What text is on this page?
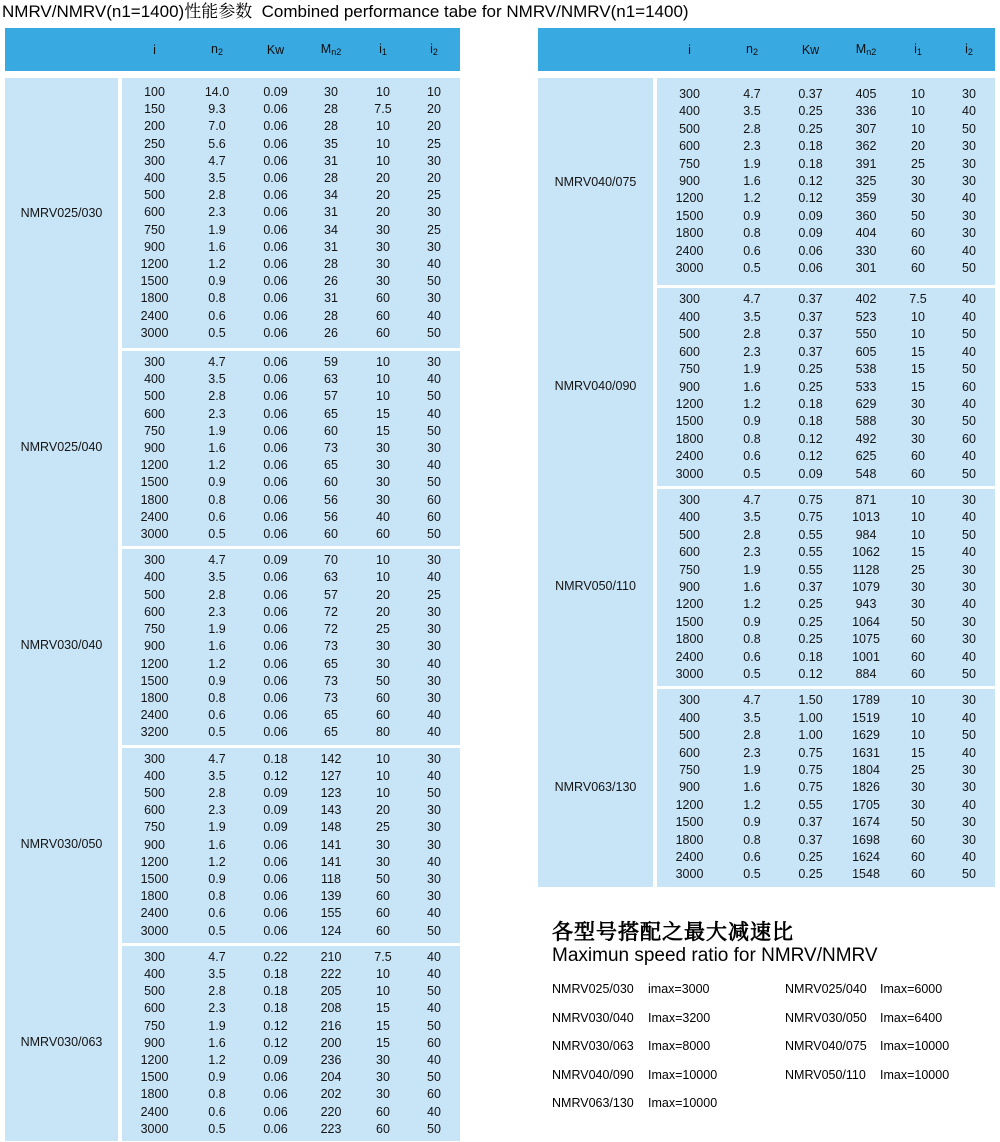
NMRV/NMRV(n1=1400)性能参数  Combined performance tabe for NMRV/NMRV(n1=1400)
i	$n_2$	Kw	$M_{n2}$	$i_1$	$i_2$
NMRV025/030
100	14.0	0.09	30	10	10
150	9.3	0.06	28	7.5	20
200	7.0	0.06	28	10	20
250	5.6	0.06	35	10	25
300	4.7	0.06	31	10	30
400	3.5	0.06	28	20	20
500	2.8	0.06	34	20	25
600	2.3	0.06	31	20	30
750	1.9	0.06	34	30	25
900	1.6	0.06	31	30	30
1200	1.2	0.06	28	30	40
1500	0.9	0.06	26	30	50
1800	0.8	0.06	31	60	30
2400	0.6	0.06	28	60	40
3000	0.5	0.06	26	60	50
NMRV025/040
300	4.7	0.06	59	10	30
400	3.5	0.06	63	10	40
500	2.8	0.06	57	10	50
600	2.3	0.06	65	15	40
750	1.9	0.06	60	15	50
900	1.6	0.06	73	30	30
1200	1.2	0.06	65	30	40
1500	0.9	0.06	60	30	50
1800	0.8	0.06	56	30	60
2400	0.6	0.06	56	40	60
3000	0.5	0.06	60	60	50
NMRV030/040
300	4.7	0.09	70	10	30
400	3.5	0.06	63	10	40
500	2.8	0.06	57	20	25
600	2.3	0.06	72	20	30
750	1.9	0.06	72	25	30
900	1.6	0.06	73	30	30
1200	1.2	0.06	65	30	40
1500	0.9	0.06	73	50	30
1800	0.8	0.06	73	60	30
2400	0.6	0.06	65	60	40
3200	0.5	0.06	65	80	40
NMRV030/050
300	4.7	0.18	142	10	30
400	3.5	0.12	127	10	40
500	2.8	0.09	123	10	50
600	2.3	0.09	143	20	30
750	1.9	0.09	148	25	30
900	1.6	0.06	141	30	30
1200	1.2	0.06	141	30	40
1500	0.9	0.06	118	50	30
1800	0.8	0.06	139	60	30
2400	0.6	0.06	155	60	40
3000	0.5	0.06	124	60	50
NMRV030/063
300	4.7	0.22	210	7.5	40
400	3.5	0.18	222	10	40
500	2.8	0.18	205	10	50
600	2.3	0.18	208	15	40
750	1.9	0.12	216	15	50
900	1.6	0.12	200	15	60
1200	1.2	0.09	236	30	40
1500	0.9	0.06	204	30	50
1800	0.8	0.06	202	30	60
2400	0.6	0.06	220	60	40
3000	0.5	0.06	223	60	50
i	$n_2$	Kw	$M_{n2}$	$i_1$	$i_2$
NMRV040/075
300	4.7	0.37	405	10	30
400	3.5	0.25	336	10	40
500	2.8	0.25	307	10	50
600	2.3	0.18	362	20	30
750	1.9	0.18	391	25	30
900	1.6	0.12	325	30	30
1200	1.2	0.12	359	30	40
1500	0.9	0.09	360	50	30
1800	0.8	0.09	404	60	30
2400	0.6	0.06	330	60	40
3000	0.5	0.06	301	60	50
NMRV040/090
300	4.7	0.37	402	7.5	40
400	3.5	0.37	523	10	40
500	2.8	0.37	550	10	50
600	2.3	0.37	605	15	40
750	1.9	0.25	538	15	50
900	1.6	0.25	533	15	60
1200	1.2	0.18	629	30	40
1500	0.9	0.18	588	30	50
1800	0.8	0.12	492	30	60
2400	0.6	0.12	625	60	40
3000	0.5	0.09	548	60	50
NMRV050/110
300	4.7	0.75	871	10	30
400	3.5	0.75	1013	10	40
500	2.8	0.55	984	10	50
600	2.3	0.55	1062	15	40
750	1.9	0.55	1128	25	30
900	1.6	0.37	1079	30	30
1200	1.2	0.25	943	30	40
1500	0.9	0.25	1064	50	30
1800	0.8	0.25	1075	60	30
2400	0.6	0.18	1001	60	40
3000	0.5	0.12	884	60	50
NMRV063/130
300	4.7	1.50	1789	10	30
400	3.5	1.00	1519	10	40
500	2.8	1.00	1629	10	50
600	2.3	0.75	1631	15	40
750	1.9	0.75	1804	25	30
900	1.6	0.75	1826	30	30
1200	1.2	0.55	1705	30	40
1500	0.9	0.37	1674	50	30
1800	0.8	0.37	1698	60	30
2400	0.6	0.25	1624	60	40
3000	0.5	0.25	1548	60	50
各型号搭配之最大减速比
Maximun speed ratio for NMRV/NMRV
NMRV025/030	imax=3000	NMRV025/040	Imax=6000
NMRV030/040	Imax=3200	NMRV030/050	Imax=6400
NMRV030/063	Imax=8000	NMRV040/075	Imax=10000
NMRV040/090	Imax=10000	NMRV050/110	Imax=10000
NMRV063/130	Imax=10000
